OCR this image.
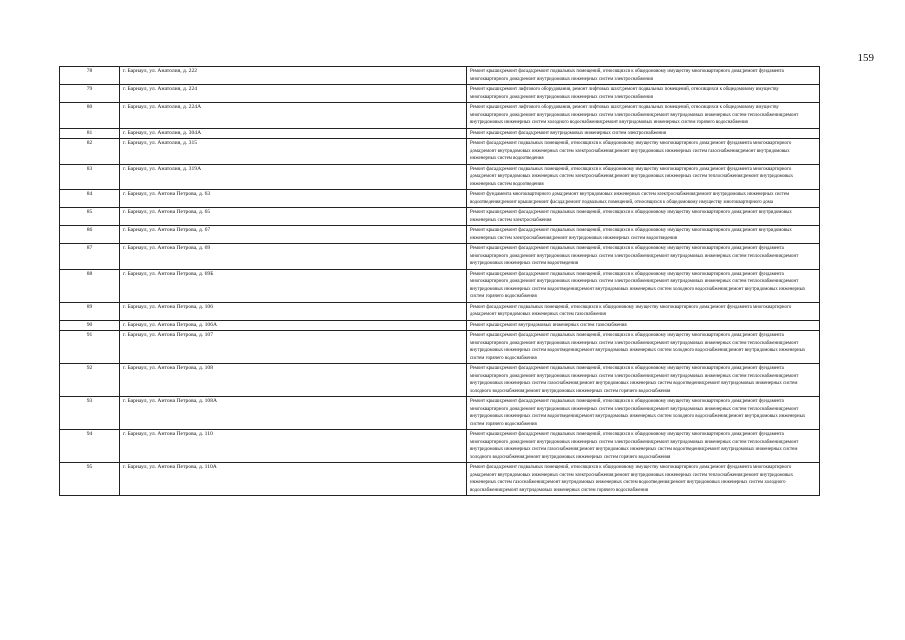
159
78	г. Барнаул, ул. Анатолия, д. 222	Ремонт крыши;ремонт фасада;ремонт подвальных помещений, относящихся к общедомовому имуществу многоквартирного дома;ремонт фундамента многоквартирного дома;ремонт внутридомовых инженерных систем электроснабжения
79	г. Барнаул, ул. Анатолия, д. 224	Ремонт крыши;ремонт лифтового оборудования, ремонт лифтовых шахт;ремонт подвальных помещений, относящихся к общедомовому имуществу многоквартирного дома;ремонт внутридомовых инженерных систем электроснабжения
80	г. Барнаул, ул. Анатолия, д. 224А	Ремонт крыши;ремонт лифтового оборудования, ремонт лифтовых шахт;ремонт подвальных помещений, относящихся к общедомовому имуществу многоквартирного дома;ремонт внутридомовых инженерных систем электроснабжения;ремонт внутридомовых инженерных систем теплоснабжения;ремонт внутридомовых инженерных систем холодного водоснабжения;ремонт внутридомовых инженерных систем горячего водоснабжения
81	г. Барнаул, ул. Анатолия, д. 304А	Ремонт крыши;ремонт фасада;ремонт внутридомовых инженерных систем электроснабжения
82	г. Барнаул, ул. Анатолия, д. 315	Ремонт фасада;ремонт подвальных помещений, относящихся к общедомовому имуществу многоквартирного дома;ремонт фундамента многоквартирного дома;ремонт внутридомовых инженерных систем электроснабжения;ремонт внутридомовых инженерных систем газоснабжения;ремонт внутридомовых инженерных систем водоотведения
83	г. Барнаул, ул. Анатолия, д. 319А	Ремонт фасада;ремонт подвальных помещений, относящихся к общедомовому имуществу многоквартирного дома;ремонт фундамента многоквартирного дома;ремонт внутридомовых инженерных систем электроснабжения;ремонт внутридомовых инженерных систем теплоснабжения;ремонт внутридомовых инженерных систем водоотведения
84	г. Барнаул, ул. Антона Петрова, д. 63	Ремонт фундамента многоквартирного дома;ремонт внутридомовых инженерных систем электроснабжения;ремонт внутридомовых инженерных систем водоотведения;ремонт крыши;ремонт фасада;ремонт подвальных помещений, относящихся к общедомовому имуществу многоквартирного дома
85	г. Барнаул, ул. Антона Петрова, д. 65	Ремонт крыши;ремонт фасада;ремонт подвальных помещений, относящихся к общедомовому имуществу многоквартирного дома;ремонт внутридомовых инженерных систем электроснабжения
86	г. Барнаул, ул. Антона Петрова, д. 67	Ремонт крыши;ремонт фасада;ремонт подвальных помещений, относящихся к общедомовому имуществу многоквартирного дома;ремонт внутридомовых инженерных систем электроснабжения;ремонт внутридомовых инженерных систем водоотведения
87	г. Барнаул, ул. Антона Петрова, д. 69	Ремонт крыши;ремонт фасада;ремонт подвальных помещений, относящихся к общедомовому имуществу многоквартирного дома;ремонт фундамента многоквартирного дома;ремонт внутридомовых инженерных систем электроснабжения;ремонт внутридомовых инженерных систем теплоснабжения;ремонт внутридомовых инженерных систем водоотведения
88	г. Барнаул, ул. Антона Петрова, д. 69Б	Ремонт крыши;ремонт фасада;ремонт подвальных помещений, относящихся к общедомовому имуществу многоквартирного дома;ремонт фундамента многоквартирного дома;ремонт внутридомовых инженерных систем электроснабжения;ремонт внутридомовых инженерных систем теплоснабжения;ремонт внутридомовых инженерных систем водоотведения;ремонт внутридомовых инженерных систем холодного водоснабжения;ремонт внутридомовых инженерных систем горячего водоснабжения
89	г. Барнаул, ул. Антона Петрова, д. 106	Ремонт фасада;ремонт подвальных помещений, относящихся к общедомовому имуществу многоквартирного дома;ремонт фундамента многоквартирного дома;ремонт внутридомовых инженерных систем газоснабжения
90	г. Барнаул, ул. Антона Петрова, д. 106А	Ремонт крыши;ремонт внутридомовых инженерных систем газоснабжения
91	г. Барнаул, ул. Антона Петрова, д. 107	Ремонт крыши;ремонт фасада;ремонт подвальных помещений, относящихся к общедомовому имуществу многоквартирного дома;ремонт фундамента многоквартирного дома;ремонт внутридомовых инженерных систем электроснабжения;ремонт внутридомовых инженерных систем теплоснабжения;ремонт внутридомовых инженерных систем водоотведения;ремонт внутридомовых инженерных систем холодного водоснабжения;ремонт внутридомовых инженерных систем горячего водоснабжения
92	г. Барнаул, ул. Антона Петрова, д. 108	Ремонт крыши;ремонт фасада;ремонт подвальных помещений, относящихся к общедомовому имуществу многоквартирного дома;ремонт фундамента многоквартирного дома;ремонт внутридомовых инженерных систем электроснабжения;ремонт внутридомовых инженерных систем теплоснабжения;ремонт внутридомовых инженерных систем газоснабжения;ремонт внутридомовых инженерных систем водоотведения;ремонт внутридомовых инженерных систем холодного водоснабжения;ремонт внутридомовых инженерных систем горячего водоснабжения
93	г. Барнаул, ул. Антона Петрова, д. 108А	Ремонт крыши;ремонт фасада;ремонт подвальных помещений, относящихся к общедомовому имуществу многоквартирного дома;ремонт фундамента многоквартирного дома;ремонт внутридомовых инженерных систем электроснабжения;ремонт внутридомовых инженерных систем теплоснабжения;ремонт внутридомовых инженерных систем водоотведения;ремонт внутридомовых инженерных систем холодного водоснабжения;ремонт внутридомовых инженерных систем горячего водоснабжения
94	г. Барнаул, ул. Антона Петрова, д. 110	Ремонт крыши;ремонт фасада;ремонт подвальных помещений, относящихся к общедомовому имуществу многоквартирного дома;ремонт фундамента многоквартирного дома;ремонт внутридомовых инженерных систем электроснабжения;ремонт внутридомовых инженерных систем теплоснабжения;ремонт внутридомовых инженерных систем газоснабжения;ремонт внутридомовых инженерных систем водоотведения;ремонт внутридомовых инженерных систем холодного водоснабжения;ремонт внутридомовых инженерных систем горячего водоснабжения
95	г. Барнаул, ул. Антона Петрова, д. 110А	Ремонт фасада;ремонт подвальных помещений, относящихся к общедомовому имуществу многоквартирного дома;ремонт фундамента многоквартирного дома;ремонт внутридомовых инженерных систем электроснабжения;ремонт внутридомовых инженерных систем теплоснабжения;ремонт внутридомовых инженерных систем газоснабжения;ремонт внутридомовых инженерных систем водоотведения;ремонт внутридомовых инженерных систем холодного водоснабжения;ремонт внутридомовых инженерных систем горячего водоснабжения
